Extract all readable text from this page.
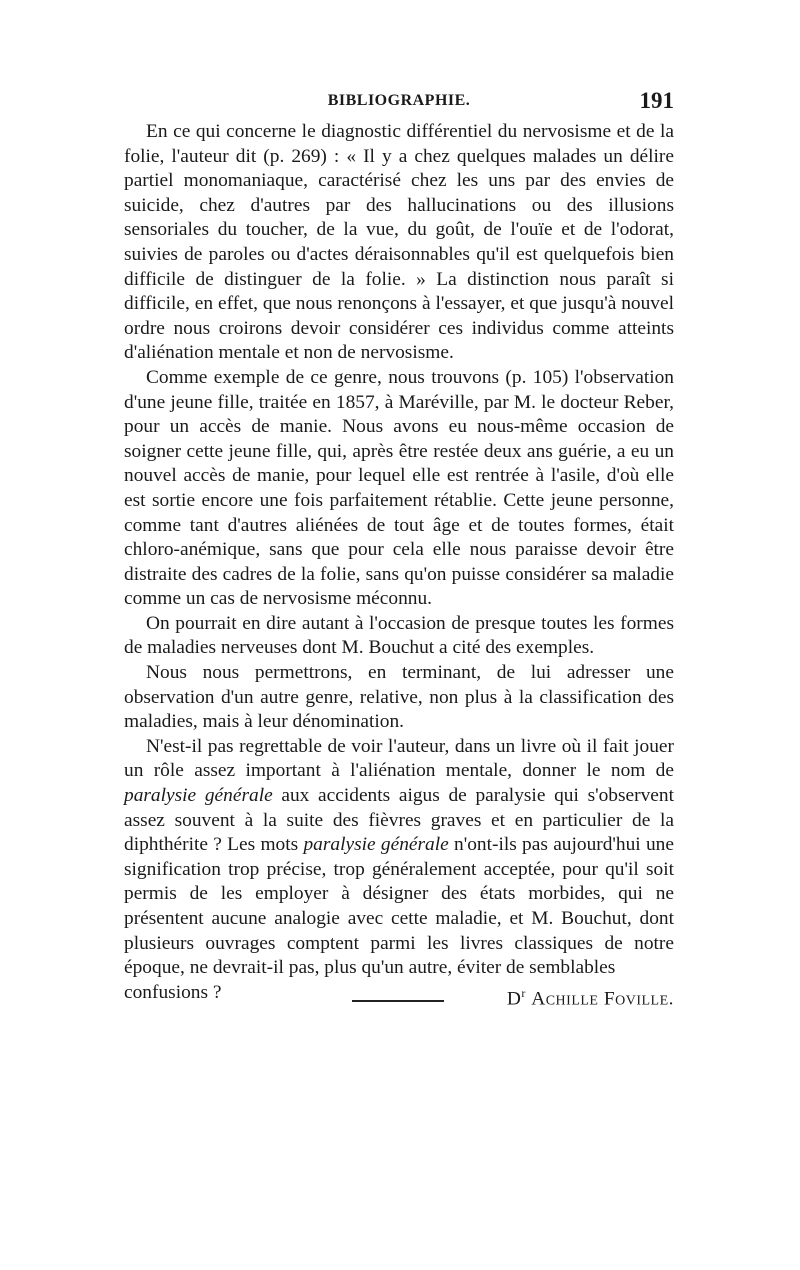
BIBLIOGRAPHIE.	191

En ce qui concerne le diagnostic différentiel du nervosisme et de la folie, l'auteur dit (p. 269) : « Il y a chez quelques malades un délire partiel monomaniaque, caractérisé chez les uns par des envies de suicide, chez d'autres par des hallucinations ou des illusions sensoriales du toucher, de la vue, du goût, de l'ouïe et de l'odorat, suivies de paroles ou d'actes déraisonnables qu'il est quelquefois bien difficile de distinguer de la folie. » La distinction nous paraît si difficile, en effet, que nous renonçons à l'essayer, et que jusqu'à nouvel ordre nous croirons devoir considérer ces individus comme atteints d'aliénation mentale et non de nervosisme.

Comme exemple de ce genre, nous trouvons (p. 105) l'observation d'une jeune fille, traitée en 1857, à Maréville, par M. le docteur Reber, pour un accès de manie. Nous avons eu nous-même occasion de soigner cette jeune fille, qui, après être restée deux ans guérie, a eu un nouvel accès de manie, pour lequel elle est rentrée à l'asile, d'où elle est sortie encore une fois parfaitement rétablie. Cette jeune personne, comme tant d'autres aliénées de tout âge et de toutes formes, était chloro-anémique, sans que pour cela elle nous paraisse devoir être distraite des cadres de la folie, sans qu'on puisse considérer sa maladie comme un cas de nervosisme méconnu.

On pourrait en dire autant à l'occasion de presque toutes les formes de maladies nerveuses dont M. Bouchut a cité des exemples.

Nous nous permettrons, en terminant, de lui adresser une observation d'un autre genre, relative, non plus à la classification des maladies, mais à leur dénomination.

N'est-il pas regrettable de voir l'auteur, dans un livre où il fait jouer un rôle assez important à l'aliénation mentale, donner le nom de paralysie générale aux accidents aigus de paralysie qui s'observent assez souvent à la suite des fièvres graves et en particulier de la diphthérite ? Les mots paralysie générale n'ont-ils pas aujourd'hui une signification trop précise, trop généralement acceptée, pour qu'il soit permis de les employer à désigner des états morbides, qui ne présentent aucune analogie avec cette maladie, et M. Bouchut, dont plusieurs ouvrages comptent parmi les livres classiques de notre époque, ne devrait-il pas, plus qu'un autre, éviter de semblables

confusions ?	$D^r$ Achille Foville.
